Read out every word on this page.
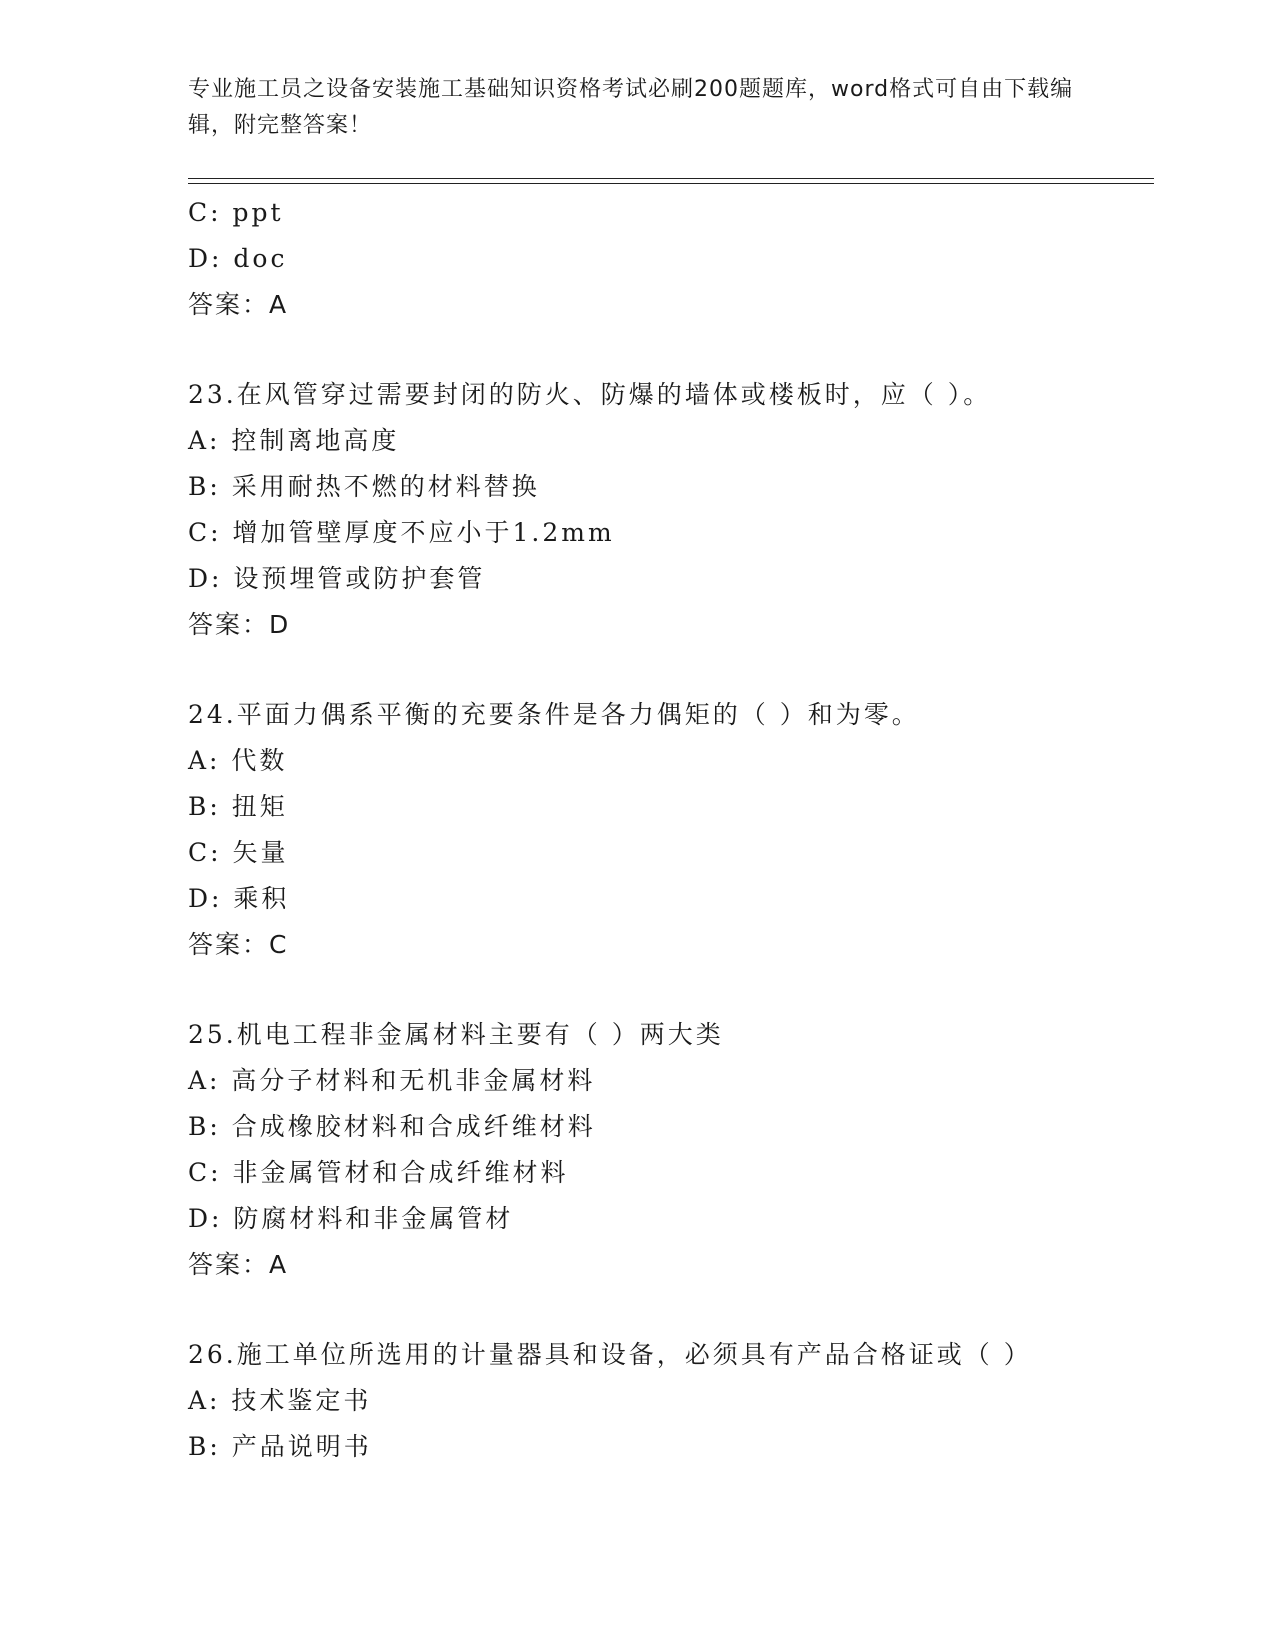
专业施工员之设备安装施工基础知识资格考试必刷200题题库，word格式可自由下载编辑，附完整答案！
C: ppt
D: doc
答案：A
23.在风管穿过需要封闭的防火、防爆的墙体或楼板时，应（ ）。
A: 控制离地高度
B: 采用耐热不燃的材料替换
C: 增加管壁厚度不应小于1.2mm
D: 设预埋管或防护套管
答案：D
24.平面力偶系平衡的充要条件是各力偶矩的（ ）和为零。
A: 代数
B: 扭矩
C: 矢量
D: 乘积
答案：C
25.机电工程非金属材料主要有（ ）两大类
A: 高分子材料和无机非金属材料
B: 合成橡胶材料和合成纤维材料
C: 非金属管材和合成纤维材料
D: 防腐材料和非金属管材
答案：A
26.施工单位所选用的计量器具和设备，必须具有产品合格证或（ ）
A: 技术鉴定书
B: 产品说明书
